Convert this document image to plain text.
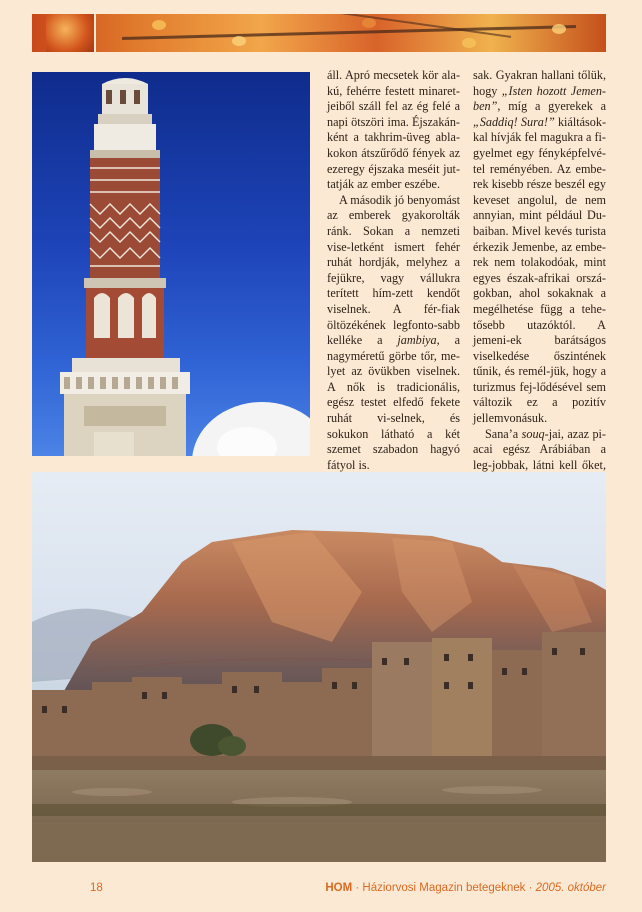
áll. Apró mecsetek kör ala-kú, fehérre festett minaret-jeiből száll fel az ég felé a napi ötszöri ima. Éjszakán-ként a takhrim-üveg abla-kokon átszűrődő fények az ezeregy éjszaka meséit jut-tatják az ember eszébe.

A második jó benyomást az emberek gyakorolták ránk. Sokan a nemzeti vise-letként ismert fehér ruhát hordják, melyhez a fejükre, vagy vállukra terített hím-zett kendőt viselnek. A fér-fiak öltözékének legfonto-sabb kelléke a jambiya, a nagyméretű görbe tőr, me-lyet az övükben viselnek. A nők is tradicionális, egész testet elfedő fekete ruhát vi-selnek, és sokukon látható a két szemet szabadon hagyó fátyol is.

sak. Gyakran hallani tőlük, hogy „Isten hozott Jemen-ben”, míg a gyerekek a „Saddiq! Sura!” kiáltások-kal hívják fel magukra a fi-gyelmet egy fényképfelvé-tel reményében. Az embe-rek kisebb része beszél egy keveset angolul, de nem annyian, mint például Du-baiban. Mivel kevés turista érkezik Jemenbe, az embe-rek nem tolakodóak, mint egyes észak-afrikai orszá-gokban, ahol sokaknak a megélhetése függ a tehe-tősebb utazóktól. A jemeni-ek barátságos viselkedése őszintének tűnik, és remél-jük, hogy a turizmus fej-lődésével sem változik ez a pozitív jellemvonásuk.

Sana’a souq-jai, azaz pi-acai egész Arábiában a leg-jobbak, látni kell őket,

18	HOM · Háziorvosi Magazin betegeknek · 2005. október
